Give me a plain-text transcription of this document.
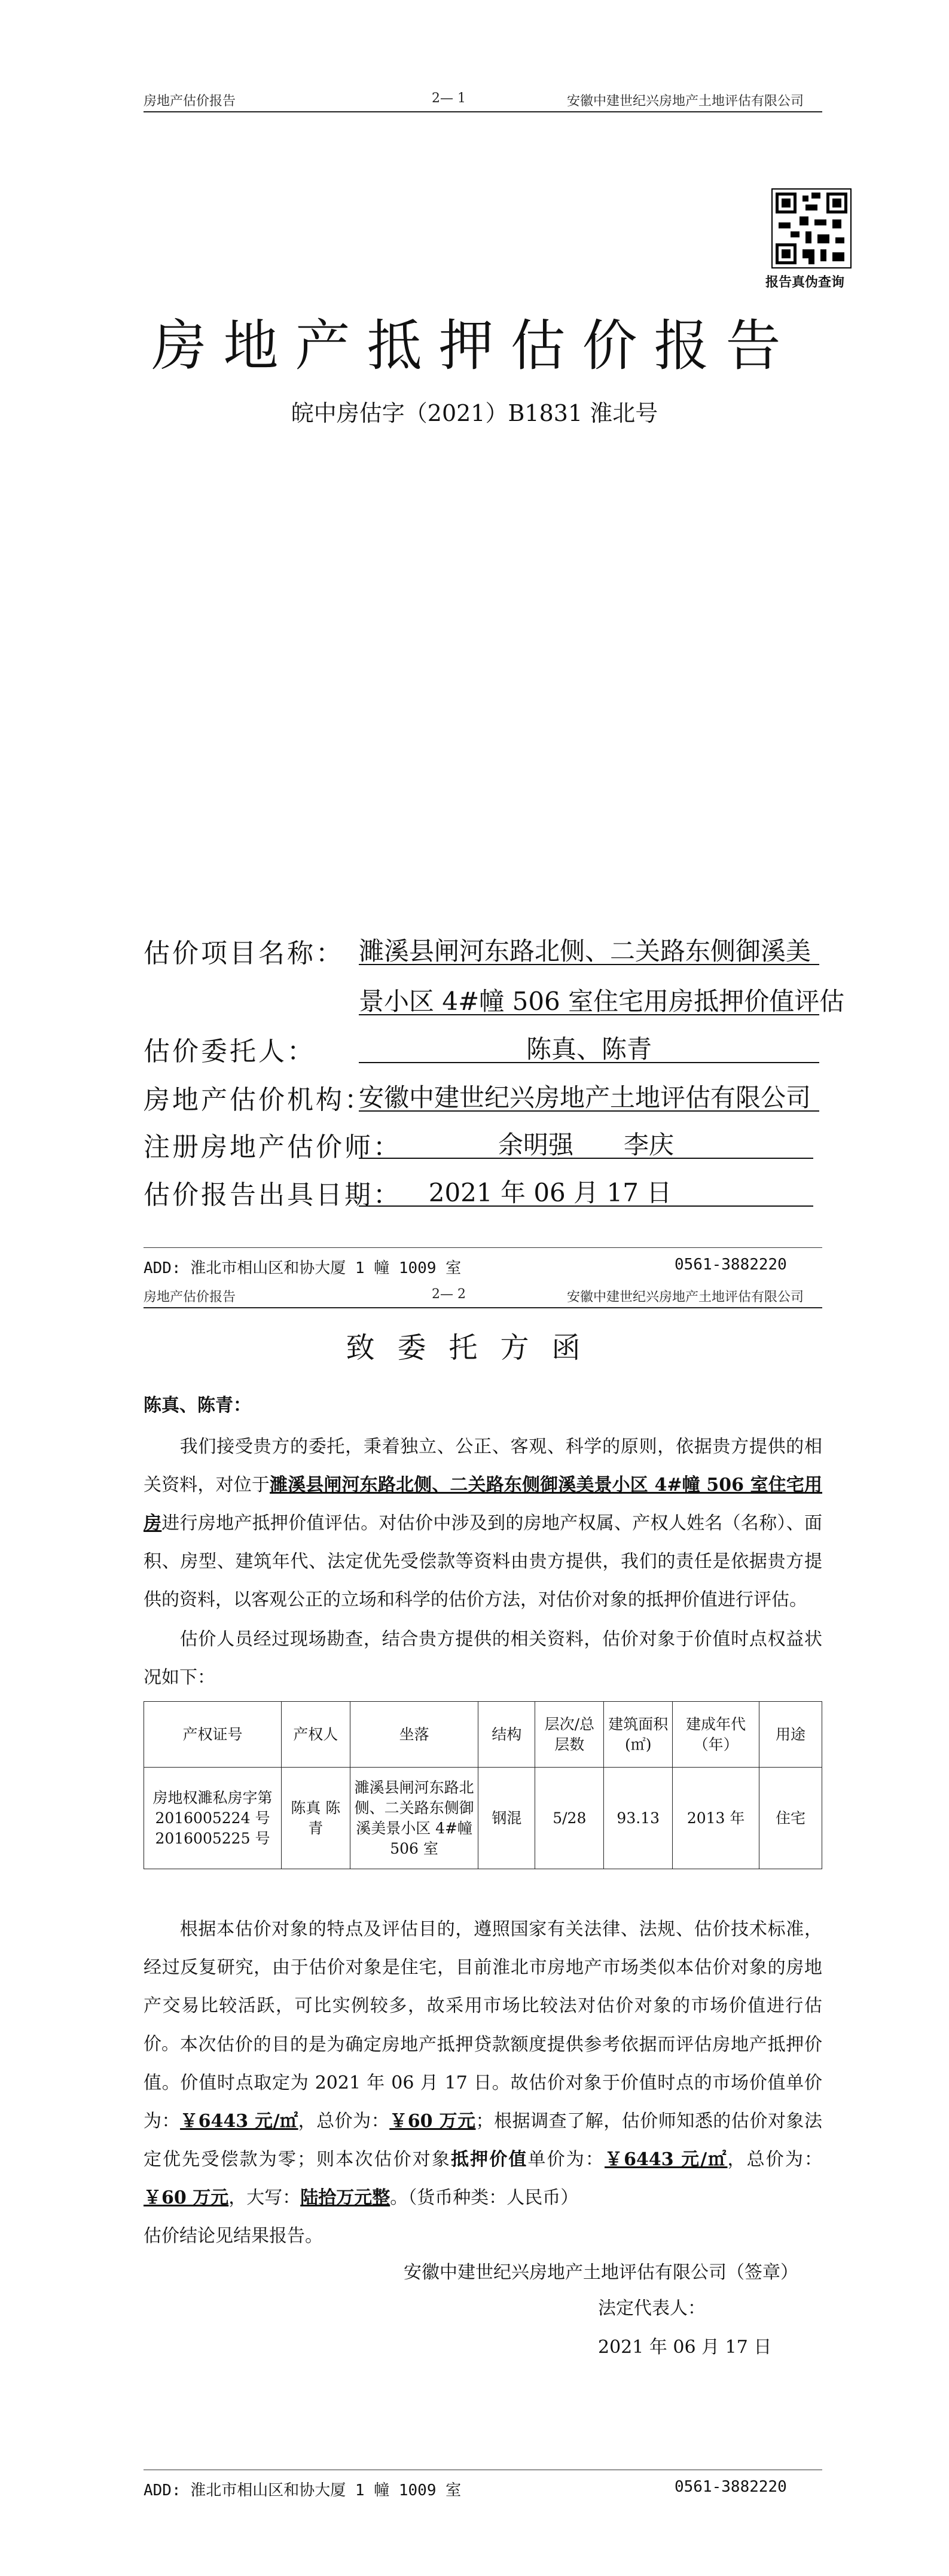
房地产估价报告	2— 1	安徽中建世纪兴房地产土地评估有限公司
报告真伪查询
房地产抵押估价报告
皖中房估字（2021）B1831 淮北号
估价项目名称： 濉溪县闸河东路北侧、二关路东侧御溪美
景小区 4#幢 506 室住宅用房抵押价值评估
估价委托人：	陈真、陈青
房地产估价机构：
安徽中建世纪兴房地产土地评估有限公司
注册房地产估价师：	余明强　　李庆
估价报告出具日期：	2021 年 06 月 17 日
ADD: 淮北市相山区和协大厦 1 幢 1009 室	0561-3882220
房地产估价报告	2— 2	安徽中建世纪兴房地产土地评估有限公司
致委托方函
陈真、陈青：
我们接受贵方的委托，秉着独立、公正、客观、科学的原则，依据贵方提供的相关资料，对位于濉溪县闸河东路北侧、二关路东侧御溪美景小区 4#幢 506 室住宅用房进行房地产抵押价值评估。对估价中涉及到的房地产权属、产权人姓名（名称）、面积、房型、建筑年代、法定优先受偿款等资料由贵方提供，我们的责任是依据贵方提供的资料，以客观公正的立场和科学的估价方法，对估价对象的抵押价值进行评估。
估价人员经过现场勘查，结合贵方提供的相关资料，估价对象于价值时点权益状况如下：
产权证号	产权人	坐落	结构	层次/总层数	建筑面积(㎡)	建成年代（年）	用途
房地权濉私房字第 2016005224 号 2016005225 号	陈真 陈青	濉溪县闸河东路北侧、二关路东侧御溪美景小区 4#幢 506 室	钢混	5/28	93.13	2013 年	住宅
根据本估价对象的特点及评估目的，遵照国家有关法律、法规、估价技术标准，经过反复研究，由于估价对象是住宅，目前淮北市房地产市场类似本估价对象的房地产交易比较活跃，可比实例较多，故采用市场比较法对估价对象的市场价值进行估价。 本次估价的目的是为确定房地产抵押贷款额度提供参考依据而评估房地产抵押价值。价值时点取定为 2021 年 06 月 17 日。故估价对象于价值时点的市场价值单价为：￥6443 元/㎡，总价为：￥60 万元；根据调查了解，估价师知悉的估价对象法定优先受偿款为零；则本次估价对象抵押价值单价为：￥6443 元/㎡，总价为：￥60 万元，大写：陆拾万元整。（货币种类：人民币）
估价结论见结果报告。
安徽中建世纪兴房地产土地评估有限公司（签章）
法定代表人：
2021 年 06 月 17 日
ADD: 淮北市相山区和协大厦 1 幢 1009 室	0561-3882220
